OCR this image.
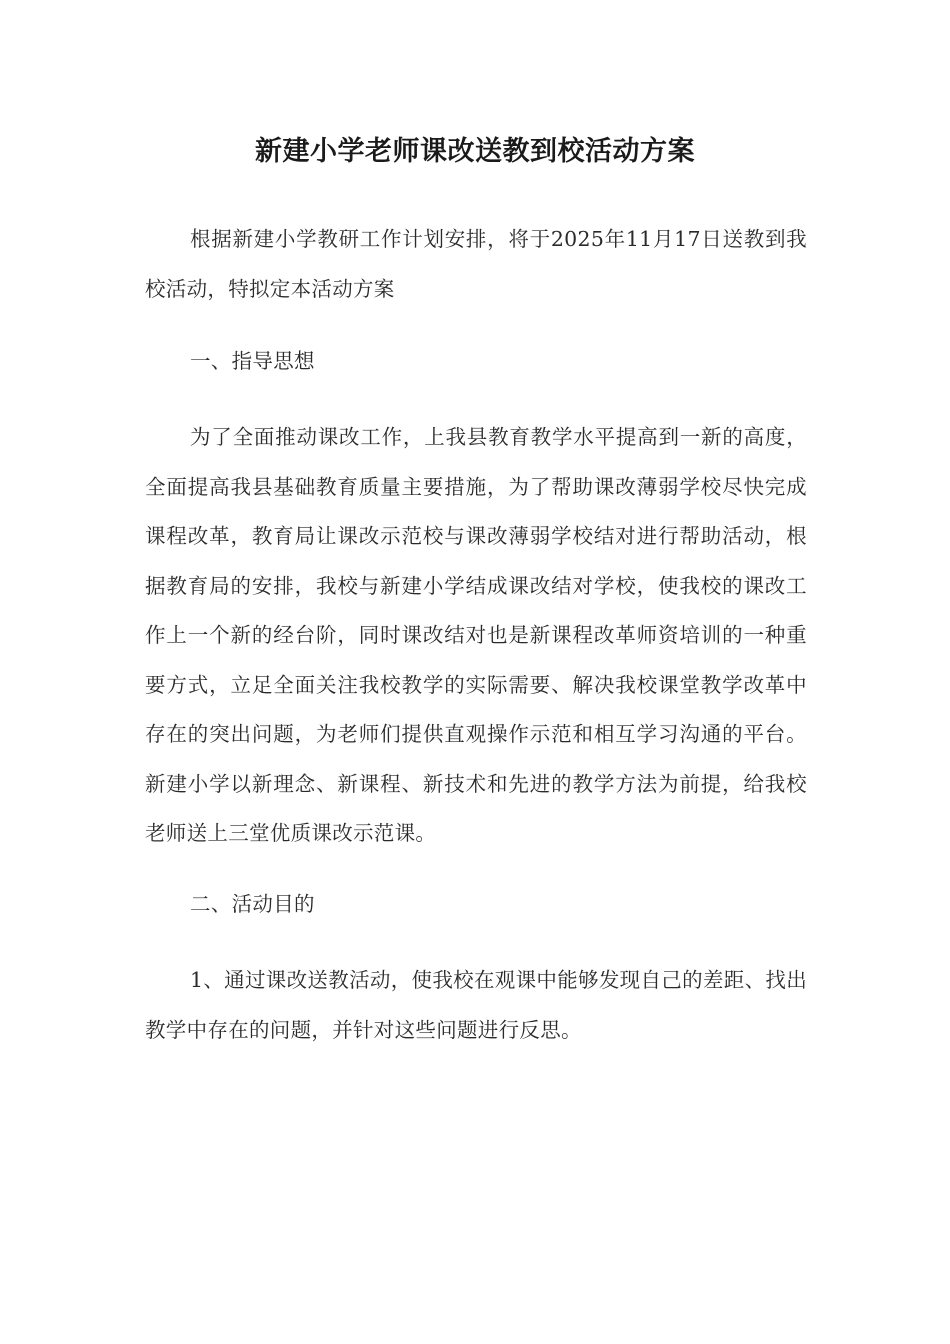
新建小学老师课改送教到校活动方案

根据新建小学教研工作计划安排，将于2025年11月17日送教到我校活动，特拟定本活动方案

一、指导思想

为了全面推动课改工作，上我县教育教学水平提高到一新的高度，全面提高我县基础教育质量主要措施，为了帮助课改薄弱学校尽快完成课程改革，教育局让课改示范校与课改薄弱学校结对进行帮助活动，根据教育局的安排，我校与新建小学结成课改结对学校，使我校的课改工作上一个新的经台阶，同时课改结对也是新课程改革师资培训的一种重要方式，立足全面关注我校教学的实际需要、解决我校课堂教学改革中存在的突出问题，为老师们提供直观操作示范和相互学习沟通的平台。新建小学以新理念、新课程、新技术和先进的教学方法为前提，给我校老师送上三堂优质课改示范课。

二、活动目的

1、通过课改送教活动，使我校在观课中能够发现自己的差距、找出教学中存在的问题，并针对这些问题进行反思。
